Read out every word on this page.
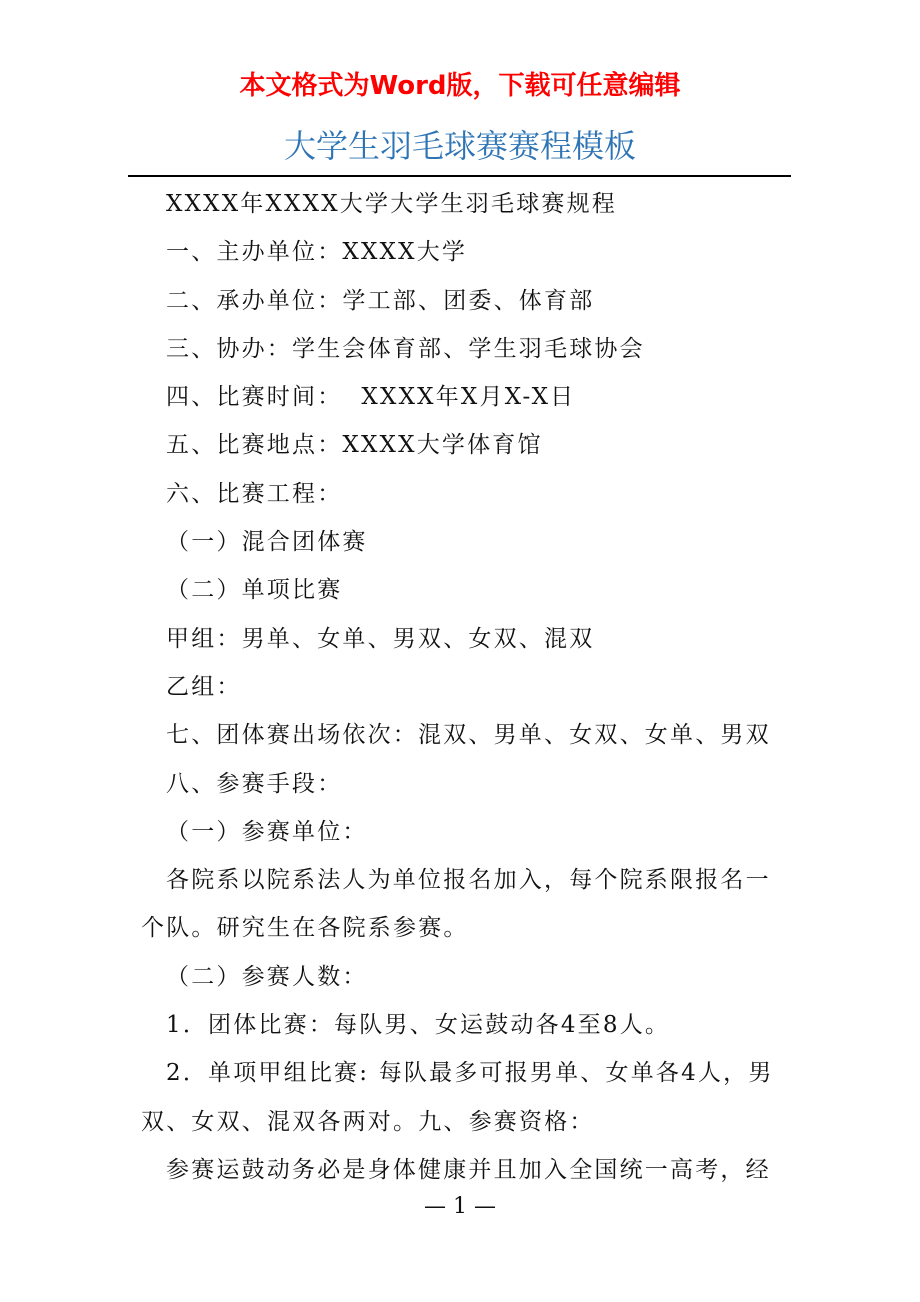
本文格式为Word版，下载可任意编辑
大学生羽毛球赛赛程模板

XXXX年XXXX大学大学生羽毛球赛规程

一、主办单位：XXXX大学

二、承办单位：学工部、团委、体育部

三、协办：学生会体育部、学生羽毛球协会

四、比赛时间：  XXXX年X月X-X日

五、比赛地点：XXXX大学体育馆

六、比赛工程：

（一）混合团体赛

（二）单项比赛

甲组：男单、女单、男双、女双、混双

乙组：

七、团体赛出场依次：混双、男单、女双、女单、男双

八、参赛手段：

（一）参赛单位：

各院系以院系法人为单位报名加入，每个院系限报名一个队。研究生在各院系参赛。

（二）参赛人数：

1．团体比赛：每队男、女运鼓动各4至8人。

2．单项甲组比赛: 每队最多可报男单、女单各4人，男双、女双、混双各两对。九、参赛资格：

参赛运鼓动务必是身体健康并且加入全国统一高考，经

— 1 —
